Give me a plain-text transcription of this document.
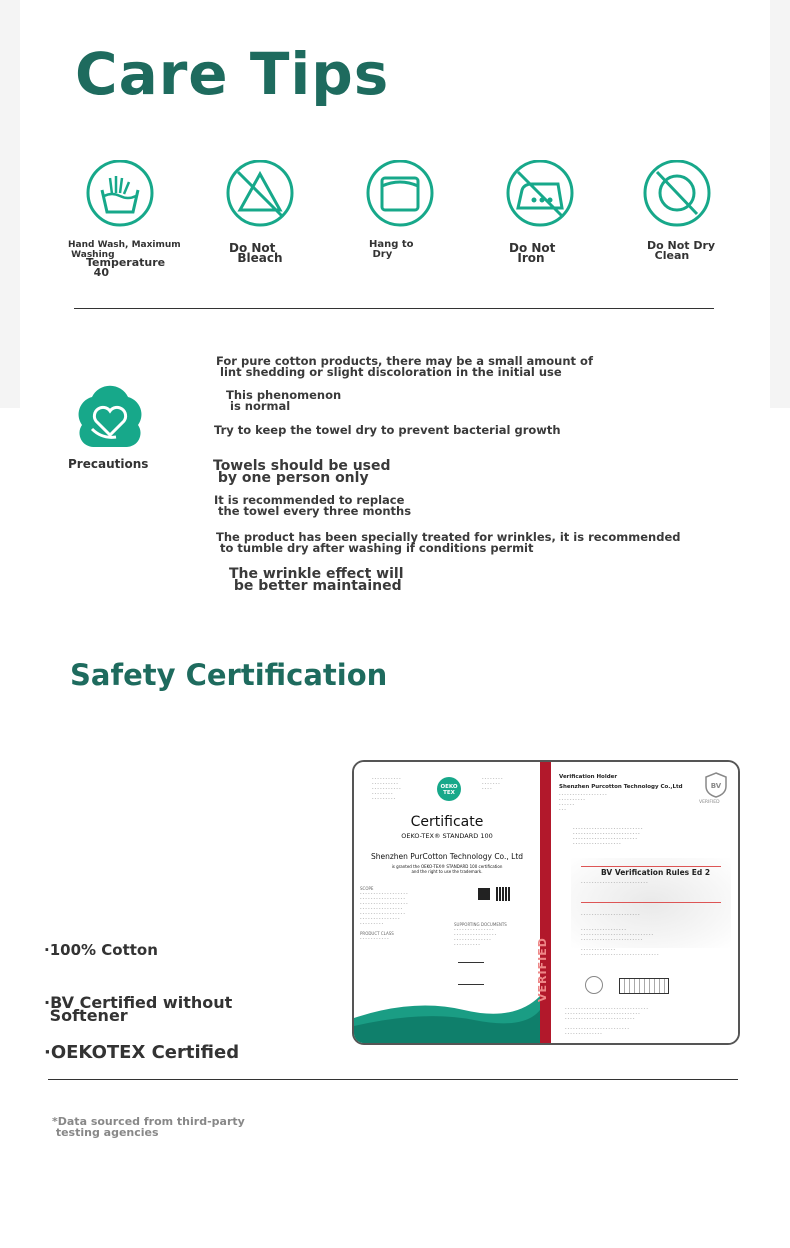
Care Tips
Hand Wash, Maximum
Washing
Temperature
40
Do Not
Bleach
Hang to
Dry	Do Not
Iron
Do Not Dry
Clean
Precautions
For pure cotton products, there may be a small amount of
lint shedding or slight discoloration in the initial use
This phenomenon
is normal
Try to keep the towel dry to prevent bacterial growth
Towels should be used
by one person only
It is recommended to replace
the towel every three months
The product has been specially treated for wrinkles, it is recommended
to tumble dry after washing if conditions permit
The wrinkle effect will
be better maintained
Safety Certification
- - - - - - - - - - -
- - - - - - - - - -
- - - - - - - - - - -
- - - - - - - -
- - - - - - - - -
- - - - - - - -
- - - - - - -
- - - -
OEKO
TEX
Certificate
OEKO-TEX® STANDARD 100
Shenzhen PurCotton Technology Co., Ltd
is granted the OEKO-TEX® STANDARD 100 certification
and the right to use the trademark.
SCOPE
- - - - - - - - - - - - - - - - - -
- - - - - - - - - - - - - - - - -
- - - - - - - - - - - - - - - - - -
- - - - - - - - - - - - - - - -
- - - - - - - - - - - - - - - - -
- - - - - - - - - - - - - - -
- - - - - - - - -

PRODUCT CLASS
- - - - - - - - - - -
SUPPORTING DOCUMENTS
- - - - - - - - - - - - - - -
- - - - - - - - - - - - - - - -
- - - - - - - - - - - - - -
- - - - - - - - - -	VERIFIED
Verification Holder
Shenzhen Purcotton Technology Co.,Ltd
- - - - - - - - - - - - - - - - - -
- - - - - - - - - -
- - - - - -
- - -
BV
VERIFIED
- - - - - - - - - - - - - - - - - - - - - - - - - -
- - - - - - - - - - - - - - - - - - - - - - - - -
- - - - - - - - - - - - - - - - - - - - - - - -
- - - - - - - - - - - - - - - - - -
BV Verification Rules Ed 2
- - - - - - - - - - - - - - - - - - - - - - - - -
- - - - - - - - - - - - - - - - - - - - - -

- - - - - - - - - - - - - - - - -
- - - - - - - - - - - - - - - - - - - - - - - - - - -
- - - - - - - - - - - - - - - - - - - - - - -

- - - - - - - - - - - - -
- - - - - - - - - - - - - - - - - - - - - - - - - - - - -
- - - - - - - - - - - - - - - - - - - - - - - - - - - - - - -
- - - - - - - - - - - - - - - - - - - - - - - - - - - -
- - - - - - - - - - - - - - - - - - - - - - - - - -

- - - - - - - - - - - - - - - - - - - - - - - -
- - - - - - - - - - - - - -
·100% Cotton
·BV Certified without
Softener
·OEKOTEX Certified
*Data sourced from third-party
testing agencies
